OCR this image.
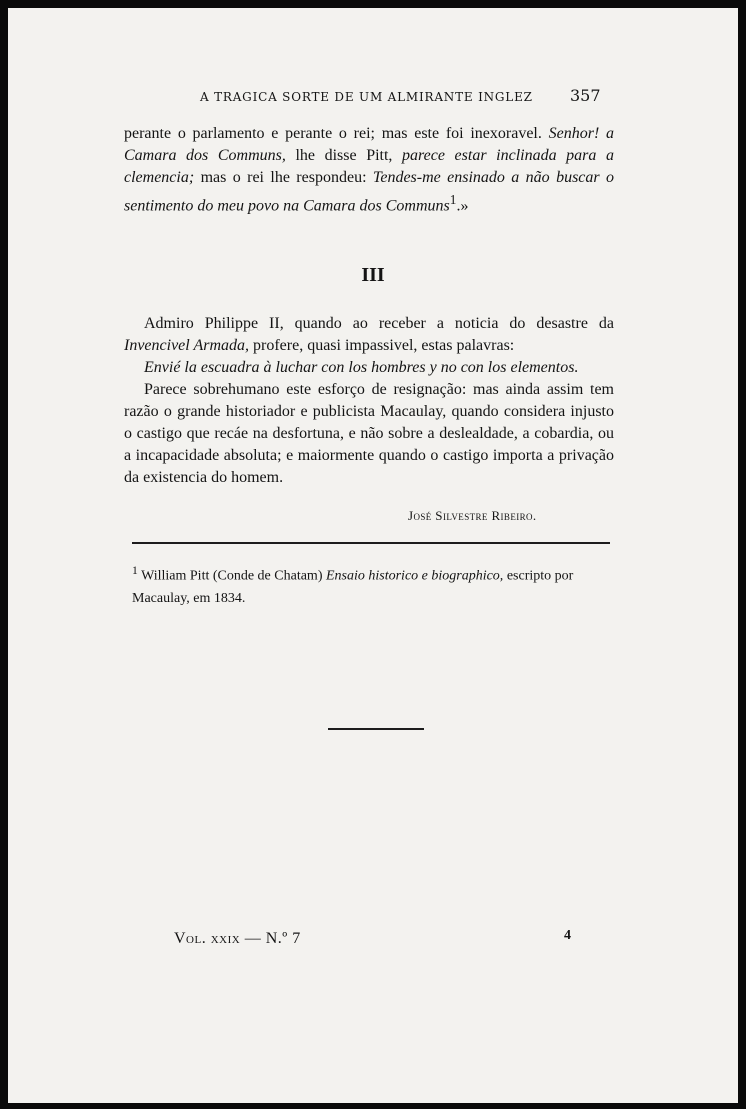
A TRAGICA SORTE DE UM ALMIRANTE INGLEZ 357
perante o parlamento e perante o rei; mas este foi inexoravel. Senhor! a Camara dos Communs, lhe disse Pitt, parece estar inclinada para a clemencia; mas o rei lhe respondeu: Tendes-me ensinado a não buscar o sentimento do meu povo na Camara dos Communs$^1$.»
III
Admiro Philippe II, quando ao receber a noticia do desastre da Invencivel Armada, profere, quasi impassivel, estas palavras:
Envié la escuadra à luchar con los hombres y no con los elementos.
Parece sobrehumano este esforço de resignação: mas ainda assim tem razão o grande historiador e publicista Macaulay, quando considera injusto o castigo que recáe na desfortuna, e não sobre a deslealdade, a cobardia, ou a incapacidade absoluta; e maiormente quando o castigo importa a privação da existencia do homem.
José Silvestre Ribeiro.
$^1$ William Pitt (Conde de Chatam) Ensaio historico e biographico, escripto por Macaulay, em 1834.
Vol. xxix — N.º 7	4
